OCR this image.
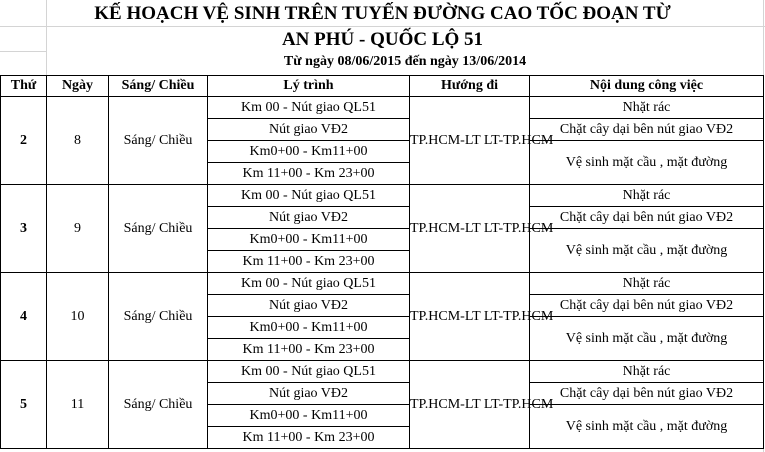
KẾ HOẠCH VỆ SINH TRÊN TUYẾN ĐƯỜNG CAO TỐC ĐOẠN TỪ
AN PHÚ - QUỐC LỘ 51
Từ ngày 08/06/2015 đến ngày 13/06/2014
Thứ	Ngày	Sáng/ Chiều	Lý trình	Hướng đi	Nội dung công việc
2	8	Sáng/ Chiều	Km 00 - Nút giao QL51	TP.HCM-LT LT-TP.HCM	Nhặt rác
			Nút giao VĐ2		Chặt cây dại bên nút giao VĐ2
			Km0+00 - Km11+00		Vệ sinh mặt cầu , mặt đường
			Km 11+00 - Km 23+00		
3	9	Sáng/ Chiều	Km 00 - Nút giao QL51	TP.HCM-LT LT-TP.HCM	Nhặt rác
			Nút giao VĐ2		Chặt cây dại bên nút giao VĐ2
			Km0+00 - Km11+00		Vệ sinh mặt cầu , mặt đường
			Km 11+00 - Km 23+00		
4	10	Sáng/ Chiều	Km 00 - Nút giao QL51	TP.HCM-LT LT-TP.HCM	Nhặt rác
			Nút giao VĐ2		Chặt cây dại bên nút giao VĐ2
			Km0+00 - Km11+00		Vệ sinh mặt cầu , mặt đường
			Km 11+00 - Km 23+00		
5	11	Sáng/ Chiều	Km 00 - Nút giao QL51	TP.HCM-LT LT-TP.HCM	Nhặt rác
			Nút giao VĐ2		Chặt cây dại bên nút giao VĐ2
			Km0+00 - Km11+00		Vệ sinh mặt cầu , mặt đường
			Km 11+00 - Km 23+00		
